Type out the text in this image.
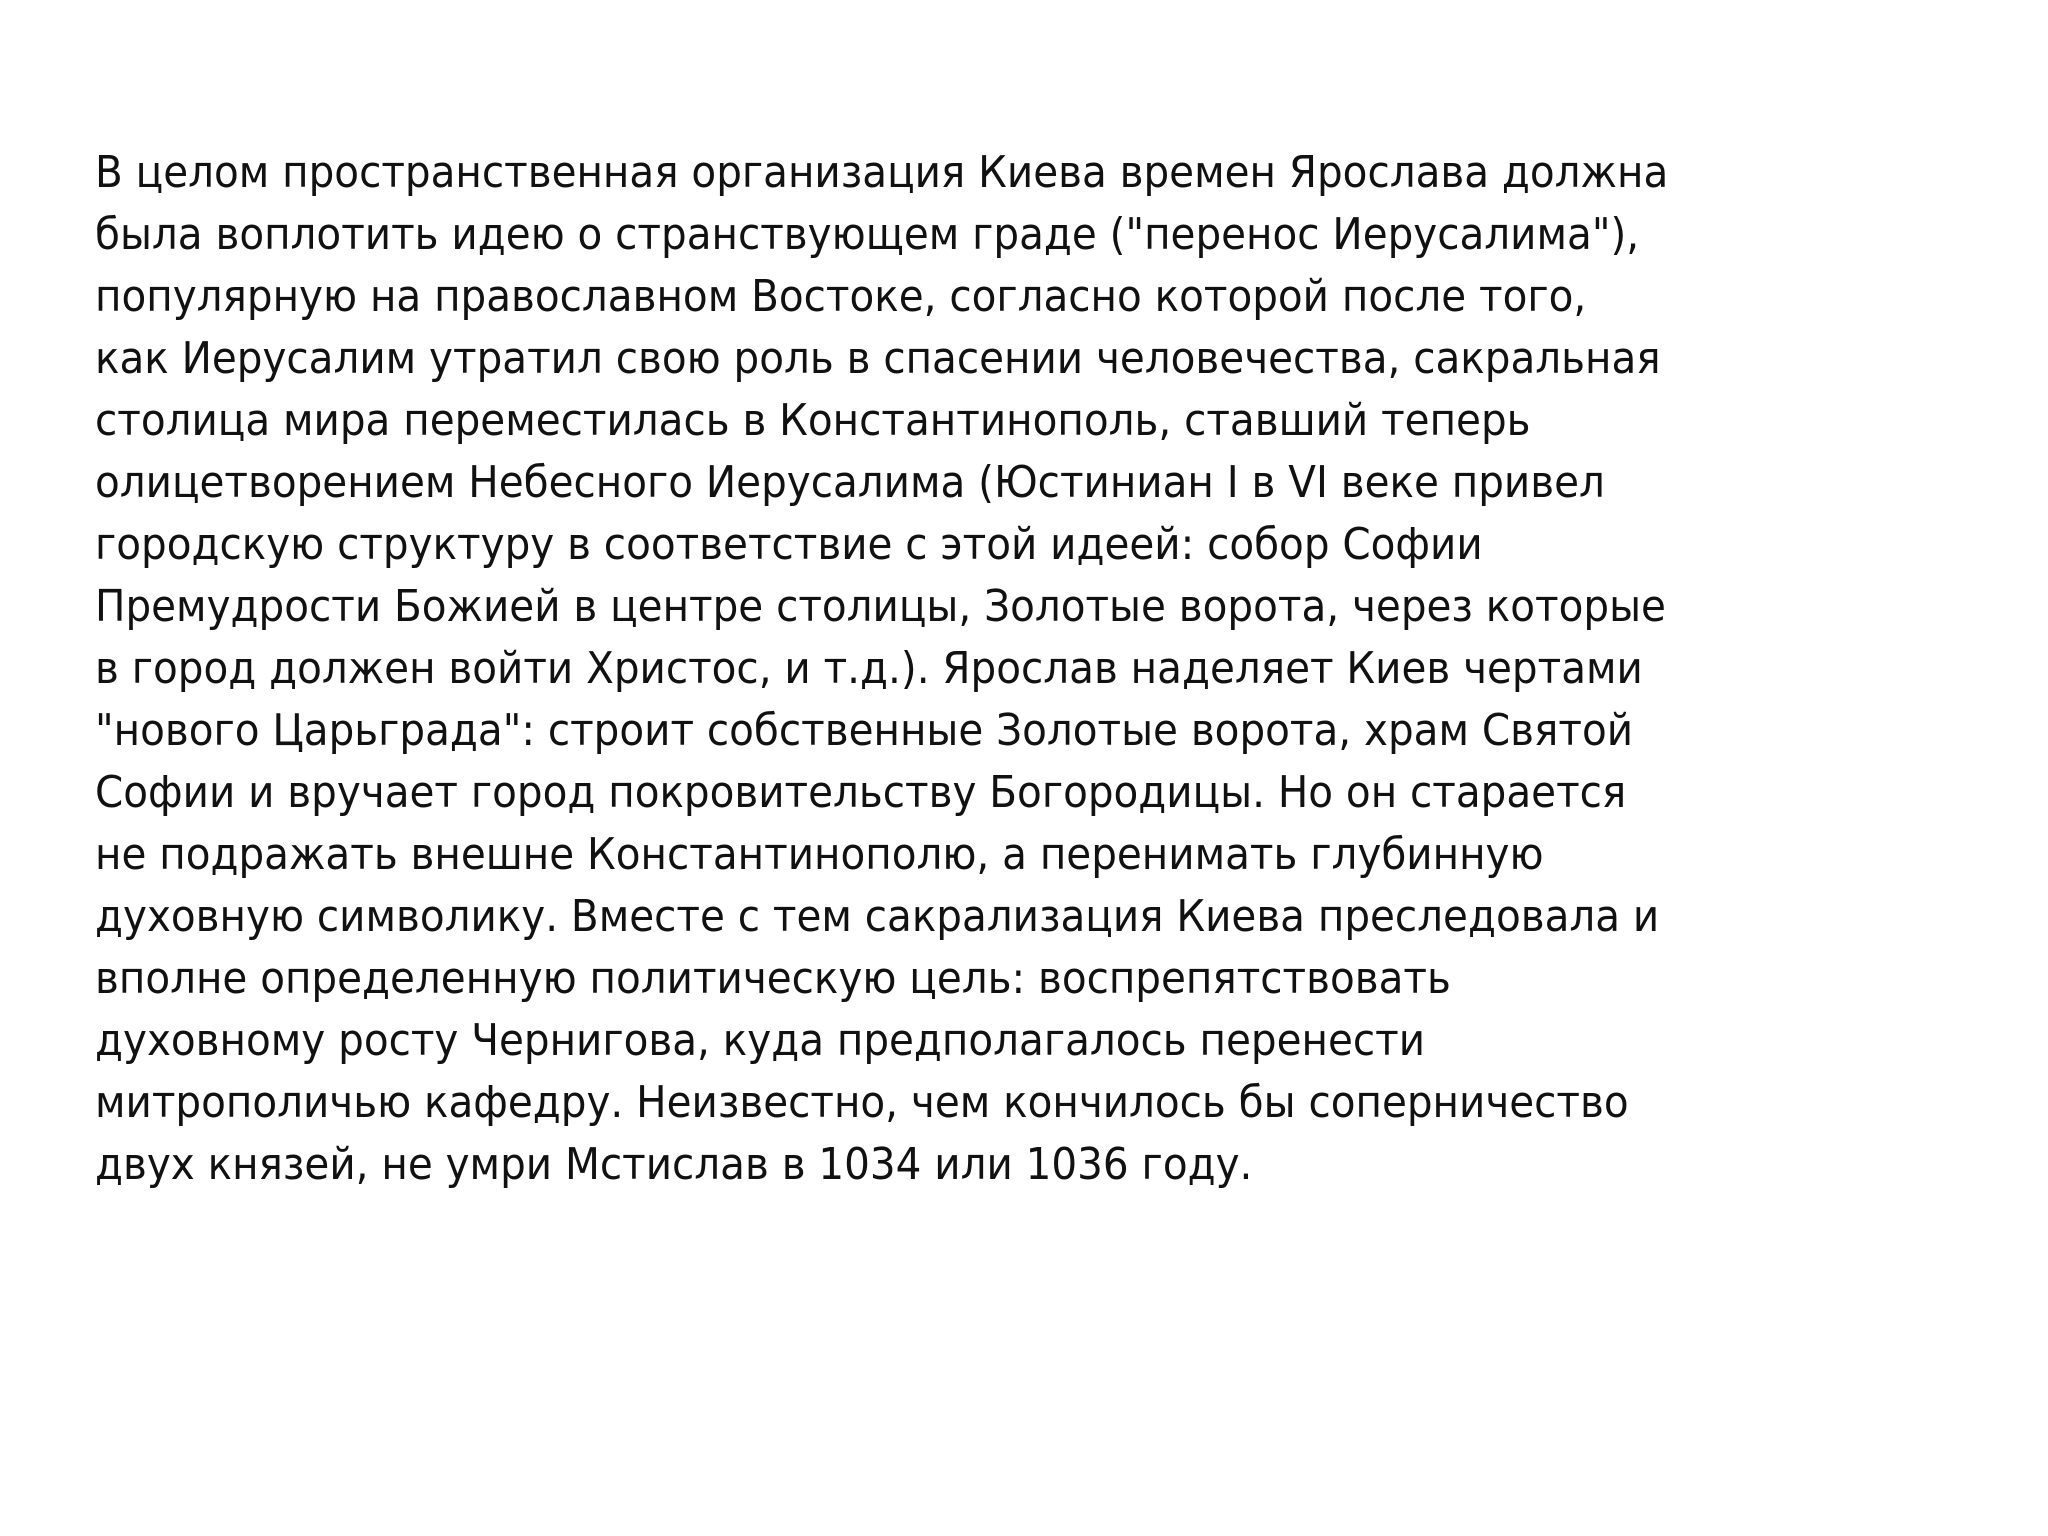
В целом пространственная организация Киева времен Ярослава должна
была воплотить идею о странствующем граде ("перенос Иерусалима"),
популярную на православном Востоке, согласно которой после того,
как Иерусалим утратил свою роль в спасении человечества, сакральная
столица мира переместилась в Константинополь, ставший теперь
олицетворением Небесного Иерусалима (Юстиниан I в VI веке привел
городскую структуру в соответствие с этой идеей: собор Софии
Премудрости Божией в центре столицы, Золотые ворота, через которые
в город должен войти Христос, и т.д.). Ярослав наделяет Киев чертами
"нового Царьграда": строит собственные Золотые ворота, храм Святой
Софии и вручает город покровительству Богородицы. Но он старается
не подражать внешне Константинополю, а перенимать глубинную
духовную символику. Вместе с тем сакрализация Киева преследовала и
вполне определенную политическую цель: воспрепятствовать
духовному росту Чернигова, куда предполагалось перенести
митрополичью кафедру. Неизвестно, чем кончилось бы соперничество
двух князей, не умри Мстислав в 1034 или 1036 году.
